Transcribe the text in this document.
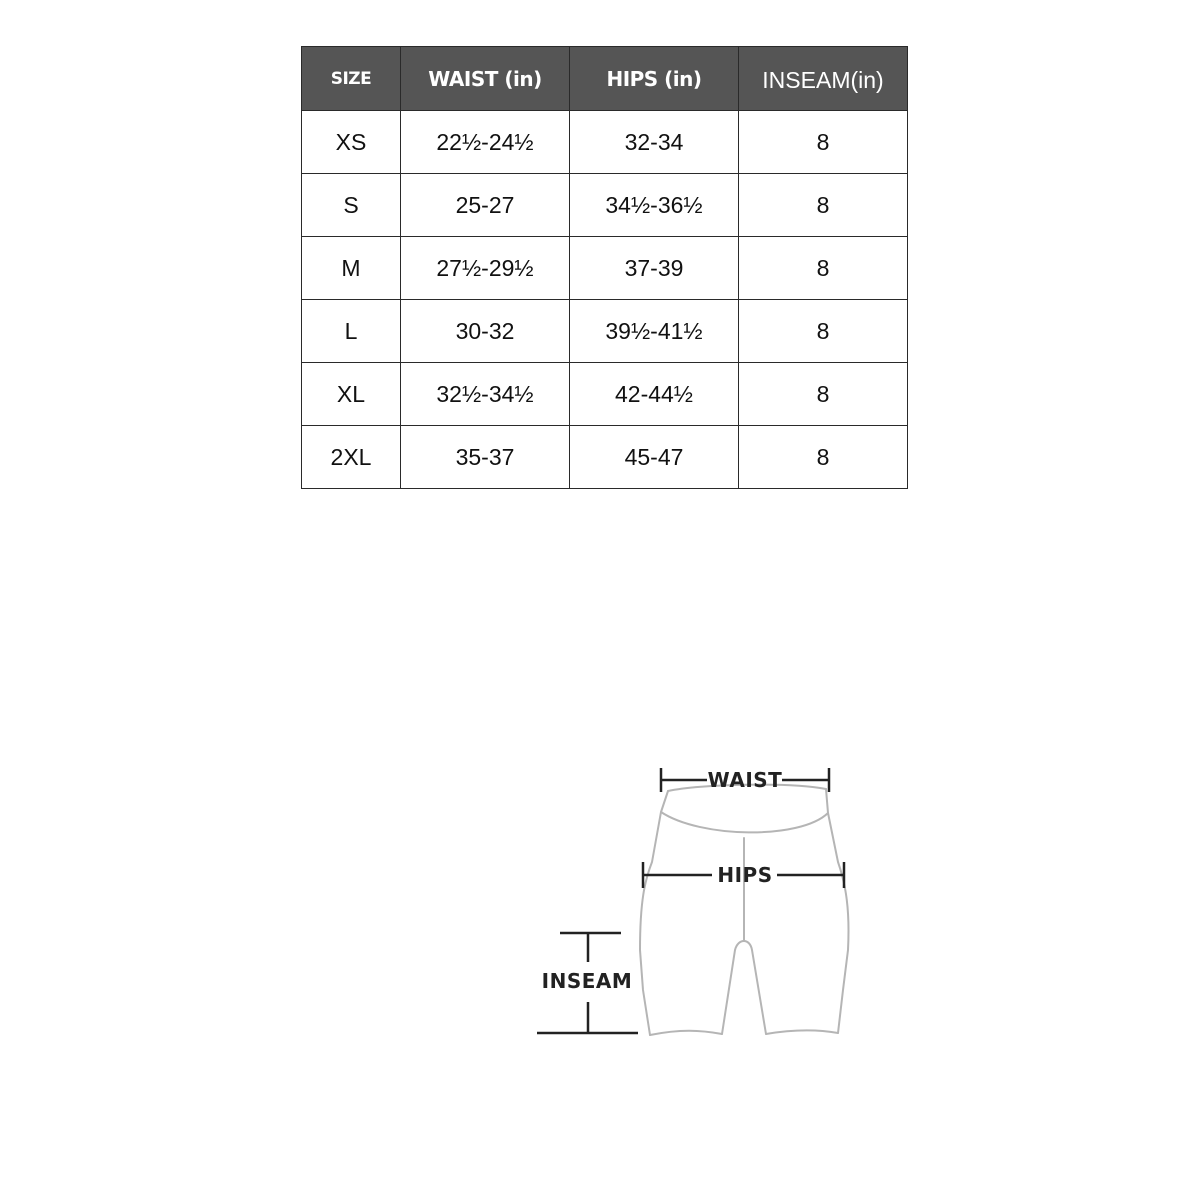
SIZE	WAIST (in)	HIPS (in)	INSEAM(in)
XS	22½-24½	32-34	8
S	25-27	34½-36½	8
M	27½-29½	37-39	8
L	30-32	39½-41½	8
XL	32½-34½	42-44½	8
2XL	35-37	45-47	8
WAIST
HIPS
INSEAM
